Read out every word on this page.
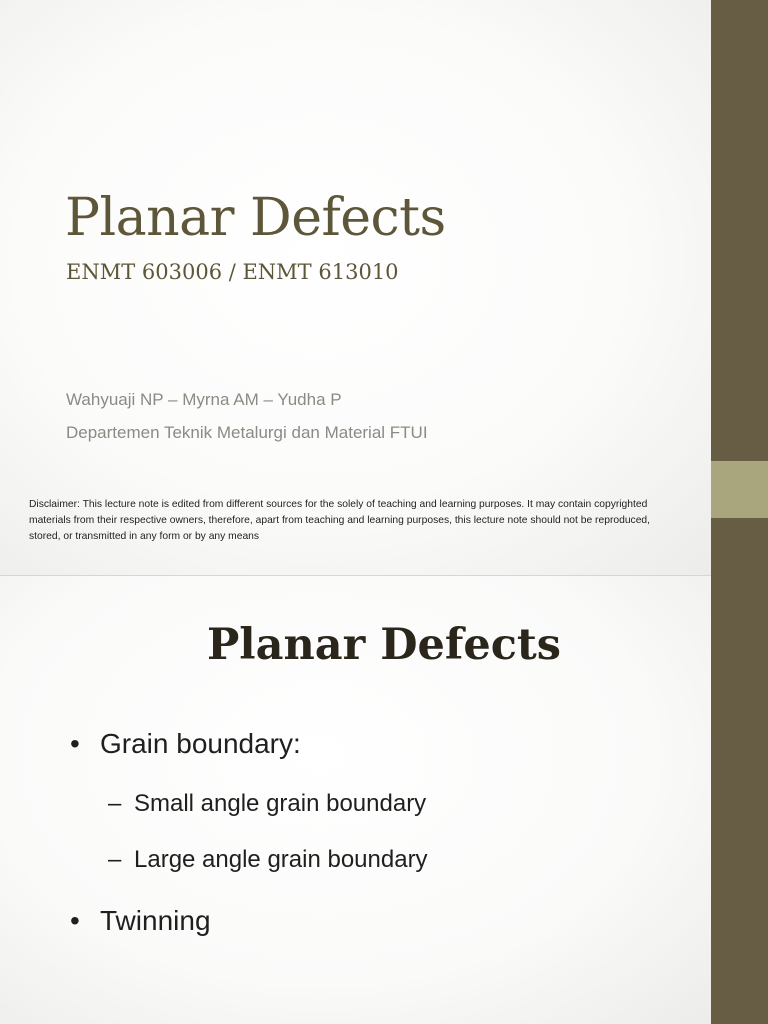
Planar Defects

ENMT 603006 / ENMT 613010

Wahyuaji NP – Myrna AM – Yudha P

Departemen Teknik Metalurgi dan Material FTUI

Disclaimer: This lecture note is edited from different sources for the solely of teaching and learning purposes. It may contain copyrighted materials from their respective owners, therefore, apart from teaching and learning purposes, this lecture note should not be reproduced, stored, or transmitted in any form or by any means

Planar Defects

• Grain boundary:

– Small angle grain boundary

– Large angle grain boundary

• Twinning
